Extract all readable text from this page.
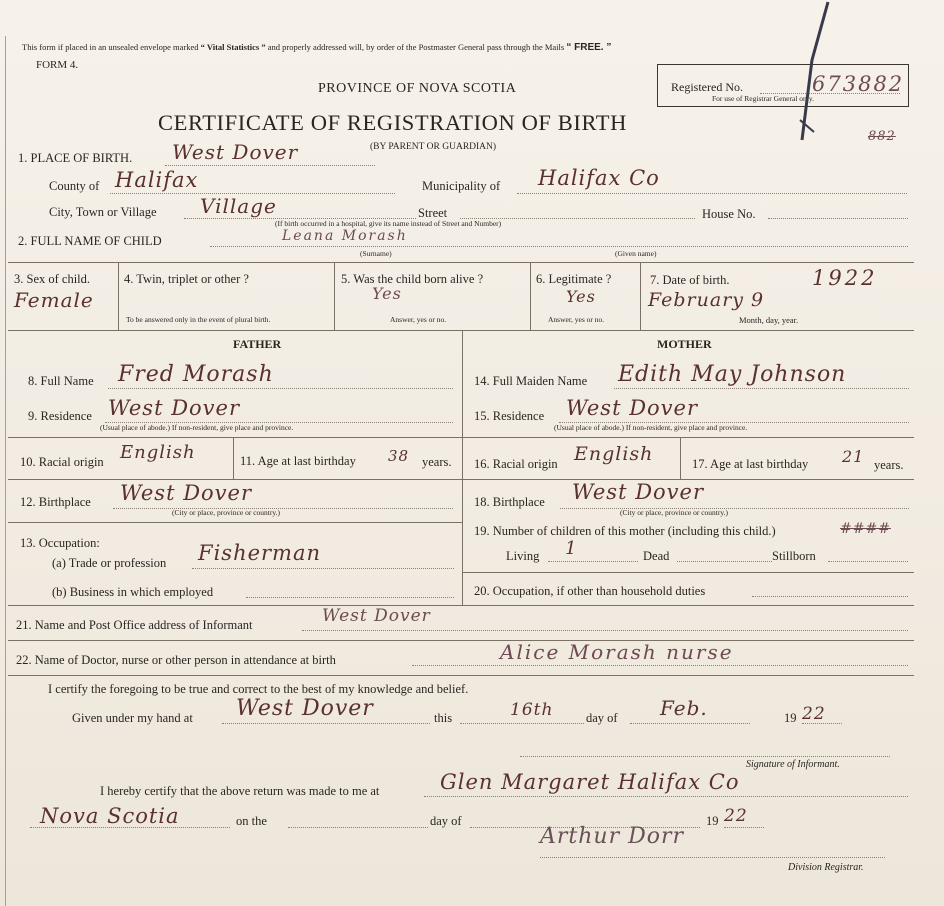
This form if placed in an unsealed envelope marked “ Vital Statistics ” and properly addressed will, by order of the Postmaster General pass through the Mails “ FREE. ”
FORM 4.
PROVINCE OF NOVA SCOTIA
CERTIFICATE OF REGISTRATION OF BIRTH
(BY PARENT OR GUARDIAN)
Registered No.	673882
For use of Registrar General only.
882
1. PLACE OF BIRTH. West Dover
County of Halifax	Municipality of Halifax Co
City, Town or Village Village	Street	House No.
(If birth occurred in a hospital, give its name instead of Street and Number)
2. FULL NAME OF CHILD	Leana Morash
(Surname)	(Given name)
3. Sex of child.
Female
4. Twin, triplet or other ?
To be answered only in the event of plural birth.
5. Was the child born alive ?
Yes
Answer, yes or no.
6. Legitimate ?
Yes
Answer, yes or no.
7. Date of birth.	1922
February 9
Month, day, year.
FATHER	MOTHER
8. Full Name Fred Morash
9. Residence West Dover
(Usual place of abode.) If non-resident, give place and province.
10. Racial origin English	11. Age at last birthday 38 years.
12. Birthplace West Dover
(City or place, province or country.)
13. Occupation:
(a) Trade or profession Fisherman
(b) Business in which employed
14. Full Maiden Name Edith May Johnson
15. Residence West Dover
(Usual place of abode.) If non-resident, give place and province.
16. Racial origin English	17. Age at last birthday 21 years.
18. Birthplace West Dover
(City or place, province or country.)
19. Number of children of this mother (including this child.)	####
Living 1	Dead	Stillborn
20. Occupation, if other than household duties
21. Name and Post Office address of Informant	West Dover
22. Name of Doctor, nurse or other person in attendance at birth	Alice Morash nurse
I certify the foregoing to be true and correct to the best of my knowledge and belief.
Given under my hand at West Dover	this	16th	day of Feb.	19 22
Signature of Informant.
I hereby certify that the above return was made to me at	Glen Margaret Halifax Co
Nova Scotia	on the	day of	19 22
Arthur Dorr
Division Registrar.
